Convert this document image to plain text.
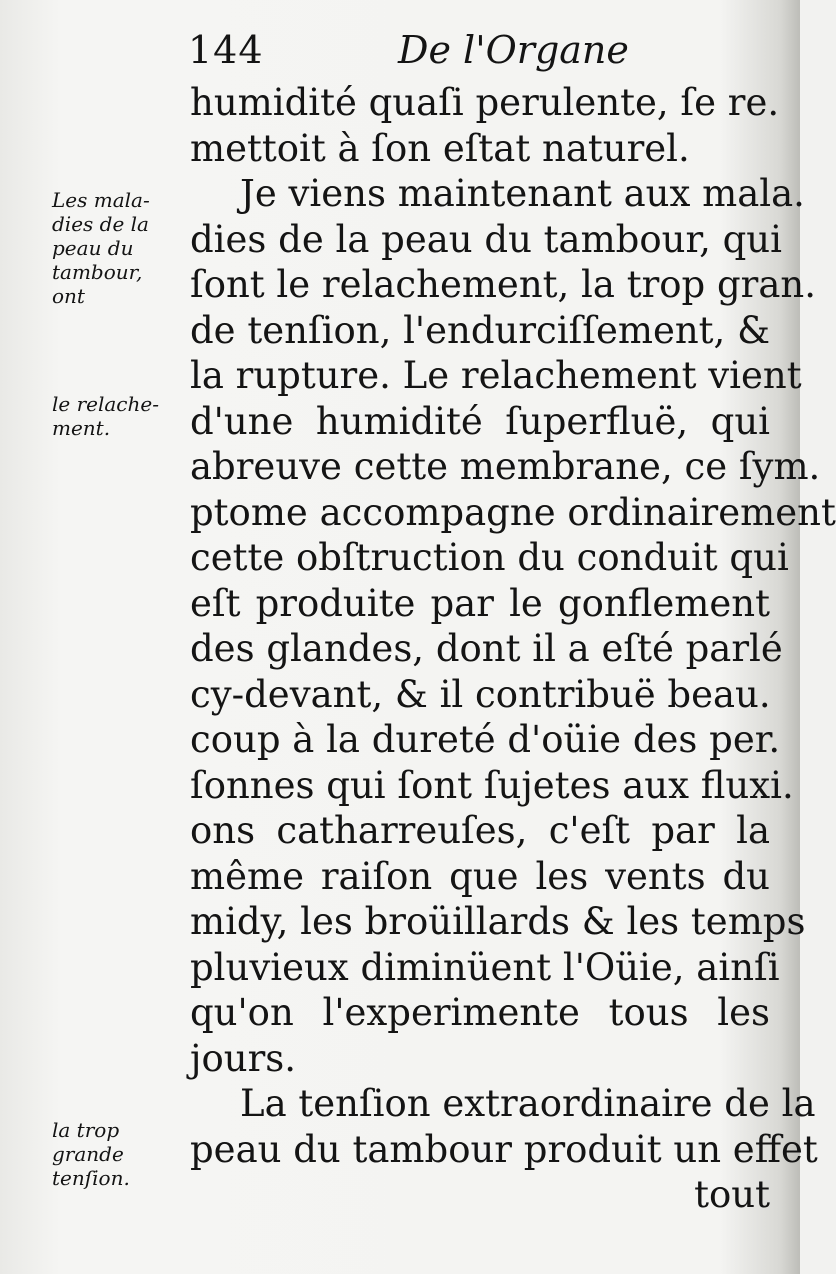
144	De l'Organe
humidité quaſi perulente, ſe re.
mettoit à ſon eſtat naturel.
Je viens maintenant aux mala.
dies de la peau du tambour, qui
ſont le relachement, la trop gran.
de tenſion, l'endurciſſement, &
la rupture. Le relachement vient
d'une humidité ſuperfluë, qui
abreuve cette membrane, ce ſym.
ptome accompagne ordinairement
cette obſtruction du conduit qui
eſt produite par le gonflement
des glandes, dont il a eſté parlé
cy-devant, & il contribuë beau.
coup à la dureté d'oüie des per.
ſonnes qui ſont ſujetes aux fluxi.
ons catharreuſes, c'eſt par la
même raiſon que les vents du
midy, les broüillards & les temps
pluvieux diminüent l'Oüie, ainſi
qu'on l'experimente tous les
jours.
La tenſion extraordinaire de la
peau du tambour produit un effet
tout
Les mala-
dies de la
peau du
tambour,
ont
le relache-
ment.
la trop
grande
tenſion.
